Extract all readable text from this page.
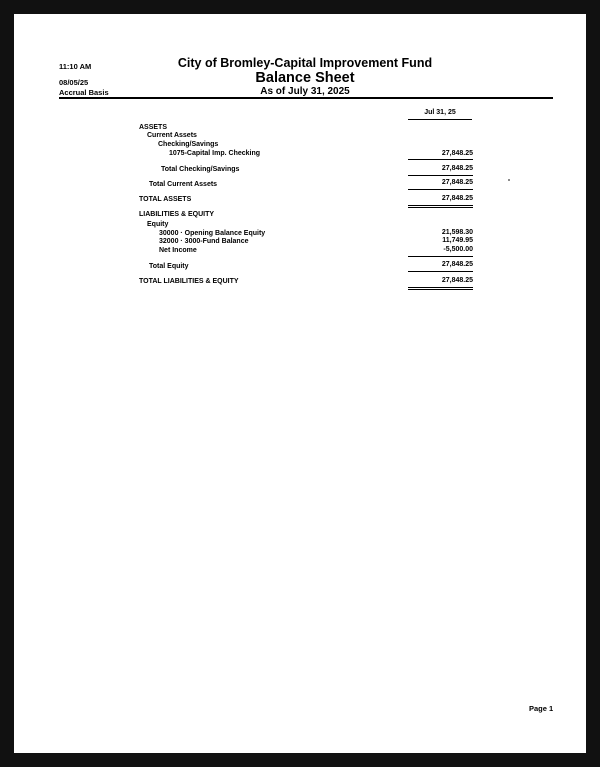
11:10 AM
08/05/25
Accrual Basis
City of Bromley-Capital Improvement Fund
Balance Sheet
As of July 31, 2025
Jul 31, 25
ASSETS
Current Assets
Checking/Savings
1075-Capital Imp. Checking	27,848.25
Total Checking/Savings	27,848.25
Total Current Assets	27,848.25
TOTAL ASSETS	27,848.25
LIABILITIES & EQUITY
Equity
30000 · Opening Balance Equity	21,598.30
32000 · 3000-Fund Balance	11,749.95
Net Income	-5,500.00
Total Equity	27,848.25
TOTAL LIABILITIES & EQUITY	27,848.25
Page 1
